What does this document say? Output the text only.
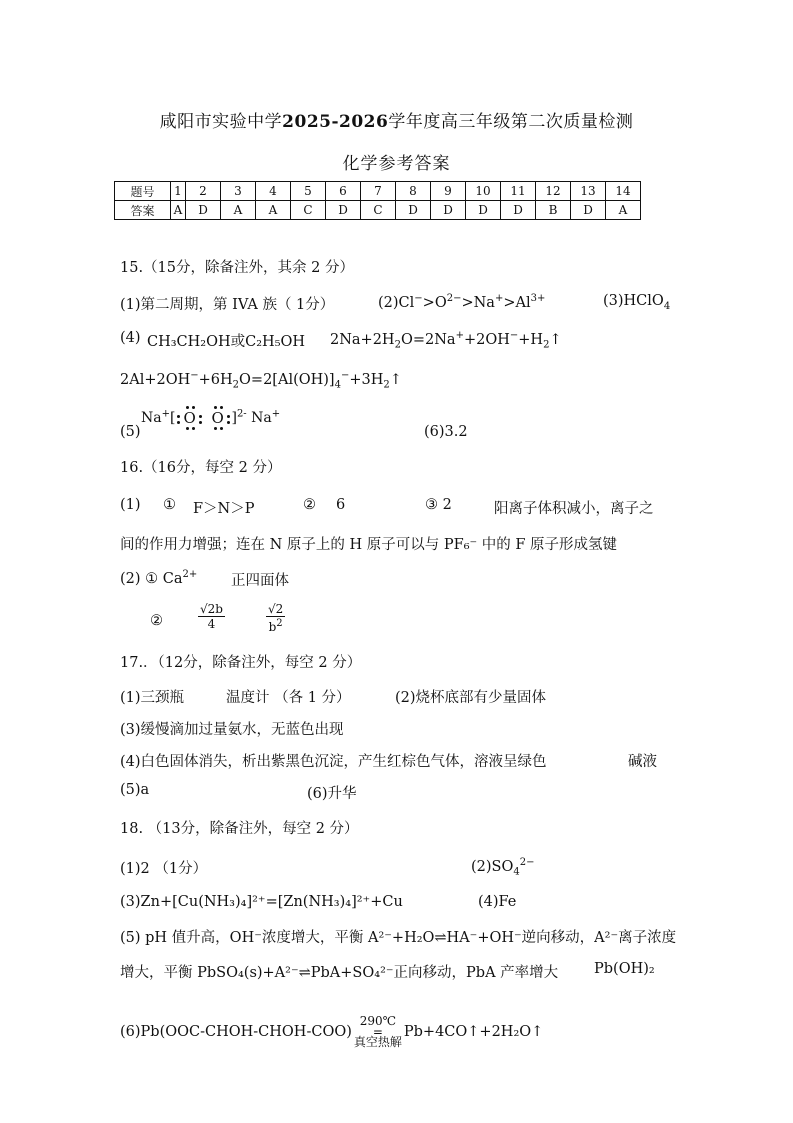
咸阳市实验中学2025-2026学年度高三年级第二次质量检测
化学参考答案
题号	1	2	3	4	5	6	7	8	9	10	11	12	13	14
答案	A	D	A	A	C	D	C	D	D	D	D	B	D	A
15.（15分，除备注外，其余 2 分）
(1)第二周期，第 IVA 族（ 1分）	$(2)Cl^->O^{2-}>Na^+>Al^{3+}$	(3)HClO$_4$
(4) CH₃CH₂OH或C₂H₅OH $2Na+2H_2O=2Na^++2OH^-+H_2↑$
$2Al+2OH^-+6H_2O=2[Al(OH)]_4^-+3H_2↑$
(5)
Na+[ O O ]$^{2-}$ Na+
(6)3.2
16.（16分，每空 2 分）
(1) ① F＞N＞P	② 6	③ 2	阳离子体积减小，离子之
间的作用力增强；连在 N 原子上的 H 原子可以与 PF₆⁻ 中的 F 原子形成氢键
(2) ① $Ca^{2+}$ 正四面体
②	$\frac{√2b}{4}$	$\frac{√2}{b^2}$
17.．（12分，除备注外，每空 2 分）
(1)三颈瓶	温度计 （各 1 分）	(2)烧杯底部有少量固体
(3)缓慢滴加过量氨水，无蓝色出现
(4)白色固体消失，析出紫黑色沉淀，产生红棕色气体，溶液呈绿色	碱液
(5)a	(6)升华
18. （13分，除备注外，每空 2 分）
(1)2 （1分）	$(2)SO_4^{2-}$
(3)Zn+[Cu(NH₃)₄]²⁺=[Zn(NH₃)₄]²⁺+Cu	(4)Fe
(5) pH 值升高，OH⁻浓度增大，平衡 A²⁻+H₂O⇌HA⁻+OH⁻逆向移动，A²⁻离子浓度
增大，平衡 PbSO₄(s)+A²⁻⇌PbA+SO₄²⁻正向移动，PbA 产率增大 Pb(OH)₂
(6)Pb(OOC-CHOH-CHOH-COO)
290℃
=
真空热解
Pb+4CO↑+2H₂O↑
